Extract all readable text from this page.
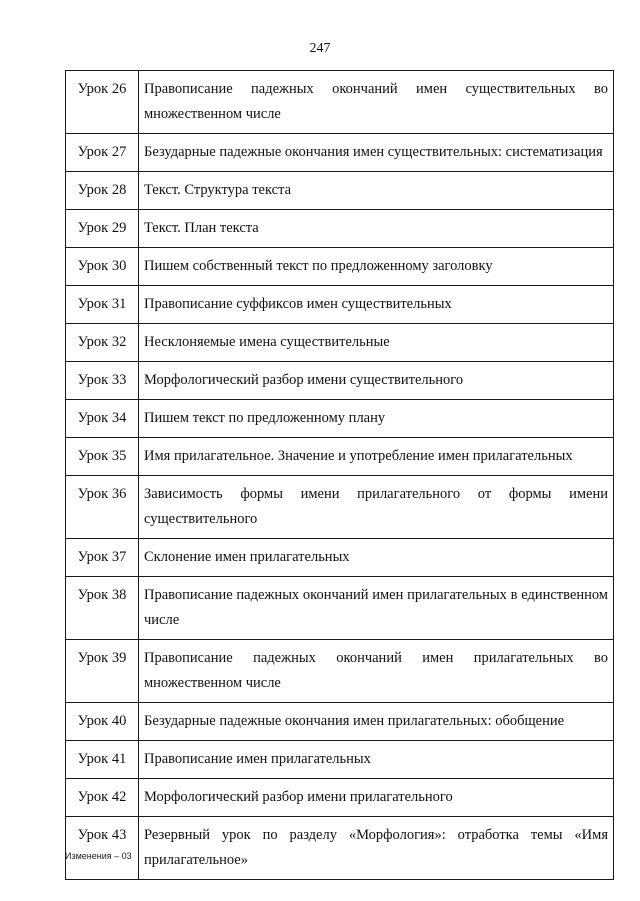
247
Урок 26	Правописание падежных окончаний имен существительных во множественном числе
Урок 27	Безударные падежные окончания имен существительных: систематизация
Урок 28	Текст. Структура текста
Урок 29	Текст. План текста
Урок 30	Пишем собственный текст по предложенному заголовку
Урок 31	Правописание суффиксов имен существительных
Урок 32	Несклоняемые имена существительные
Урок 33	Морфологический разбор имени существительного
Урок 34	Пишем текст по предложенному плану
Урок 35	Имя прилагательное. Значение и употребление имен прилагательных
Урок 36	Зависимость формы имени прилагательного от формы имени существительного
Урок 37	Склонение имен прилагательных
Урок 38	Правописание падежных окончаний имен прилагательных в единственном числе
Урок 39	Правописание падежных окончаний имен прилагательных во множественном числе
Урок 40	Безударные падежные окончания имен прилагательных: обобщение
Урок 41	Правописание имен прилагательных
Урок 42	Морфологический разбор имени прилагательного
Урок 43	Резервный урок по разделу «Морфология»: отработка темы «Имя прилагательное»
Изменения – 03
